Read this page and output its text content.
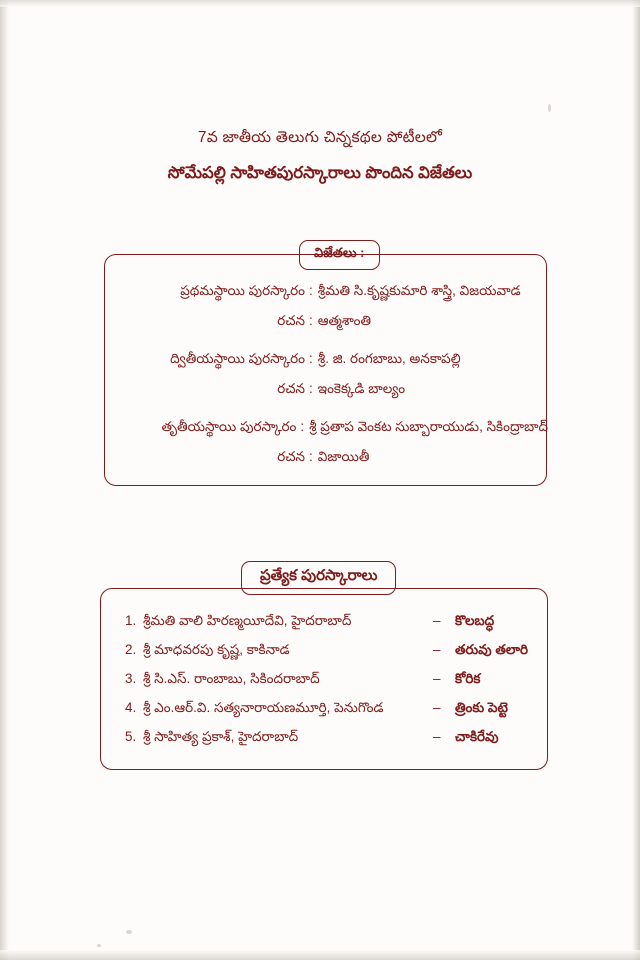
7వ జాతీయ తెలుగు చిన్నకథల పోటీలలో
సోమేపల్లి సాహితపురస్కారాలు పొందిన విజేతలు
విజేతలు :
ప్రథమస్థాయి పురస్కారం : శ్రీమతి సి.కృష్ణకుమారి శాస్త్రి, విజయవాడ
రచన : ఆత్మశాంతి
ద్వితీయస్థాయి పురస్కారం : శ్రీ. జి. రంగబాబు, అనకాపల్లి
రచన : ఇంకెక్కడి బాల్యం
తృతీయస్థాయి పురస్కారం : శ్రీ ప్రతాప వెంకట సుబ్బారాయుడు, సికింద్రాబాద్
రచన : విజాయితీ
ప్రత్యేక పురస్కారాలు
1. శ్రీమతి వాలి హిరణ్మయీదేవి, హైదరాబాద్	–	కొలబద్ధ
2. శ్రీ మాధవరపు కృష్ణ, కాకినాడ	–	తరువు తలారి
3. శ్రీ సి.ఎస్. రాంబాబు, సికిందరాబాద్	–	కోరిక
4. శ్రీ ఎం.ఆర్.వి. సత్యనారాయణమూర్తి, పెనుగొండ	–	త్రింకు పెట్టె
5. శ్రీ సాహిత్య ప్రకాశ్, హైదరాబాద్	–	చాకిరేవు
